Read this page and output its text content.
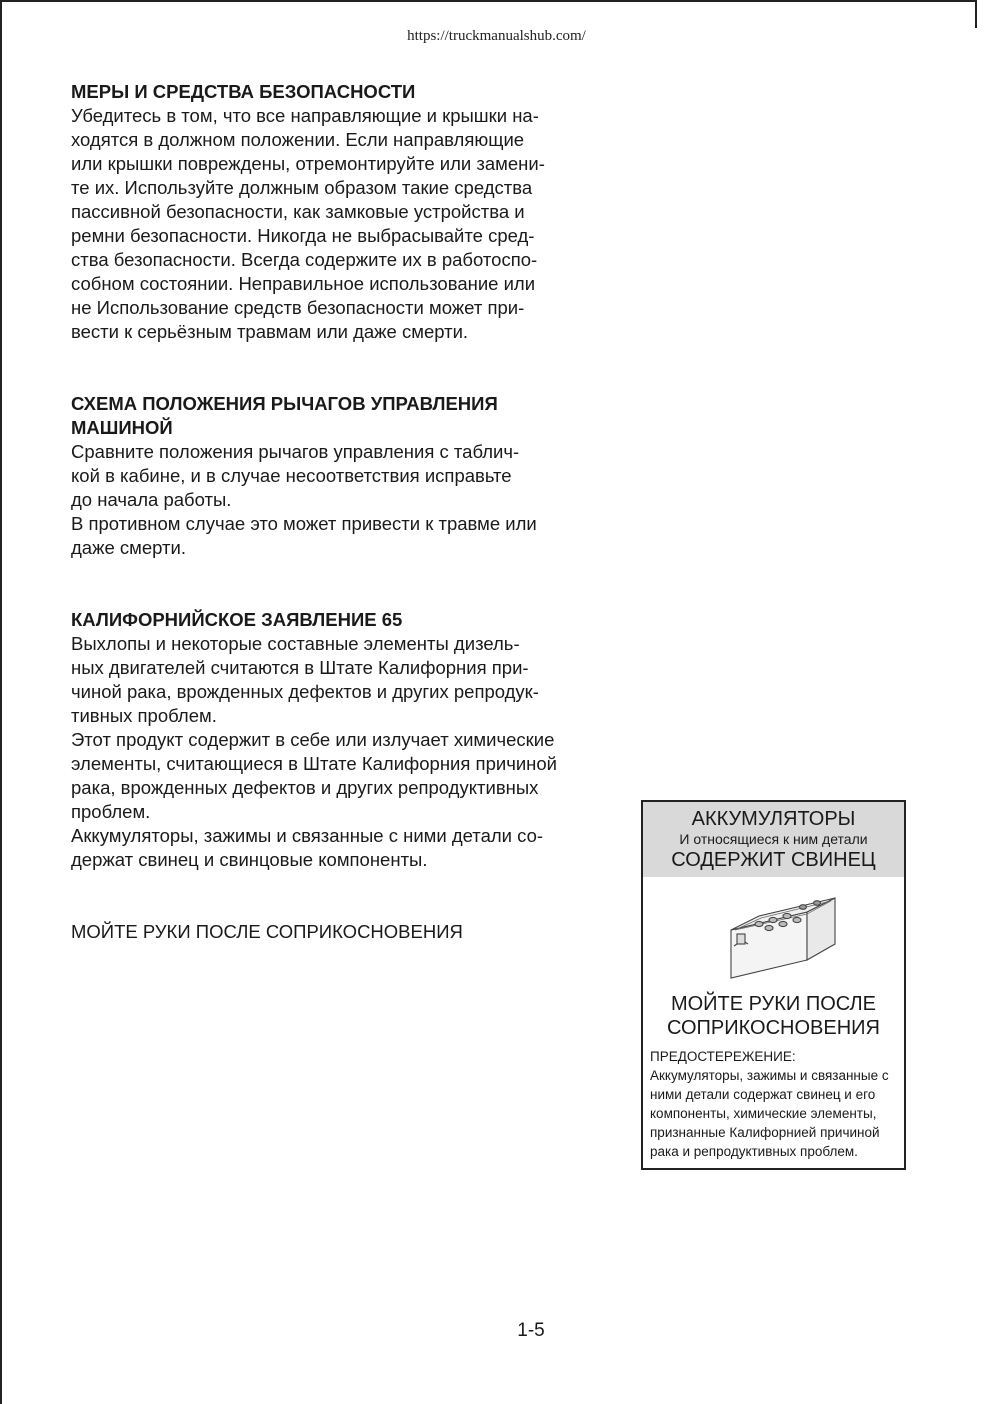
https://truckmanualshub.com/
МЕРЫ И СРЕДСТВА БЕЗОПАСНОСТИ
Убедитесь в том, что все направляющие и крышки на-
ходятся в должном положении. Если направляющие
или крышки повреждены, отремонтируйте или замени-
те их. Используйте должным образом такие средства
пассивной безопасности, как замковые устройства и
ремни безопасности. Никогда не выбрасывайте сред-
ства безопасности. Всегда содержите их в работоспо-
собном состоянии. Неправильное использование или
не Использование средств безопасности может при-
вести к серьёзным травмам или даже смерти.
СХЕМА ПОЛОЖЕНИЯ РЫЧАГОВ УПРАВЛЕНИЯ
МАШИНОЙ
Сравните положения рычагов управления с таблич-
кой в кабине, и в случае несоответствия исправьте
до начала работы.
В противном случае это может привести к травме или
даже смерти.
КАЛИФОРНИЙСКОЕ ЗАЯВЛЕНИЕ 65
Выхлопы и некоторые составные элементы дизель-
ных двигателей считаются в Штате Калифорния при-
чиной рака, врожденных дефектов и других репродук-
тивных проблем.
Этот продукт содержит в себе или излучает химические
элементы, считающиеся в Штате Калифорния причиной
рака, врожденных дефектов и других репродуктивных
проблем.
Аккумуляторы, зажимы и связанные с ними детали со-
держат свинец и свинцовые компоненты.
МОЙТЕ РУКИ ПОСЛЕ СОПРИКОСНОВЕНИЯ
АККУМУЛЯТОРЫ
И относящиеся к ним детали
СОДЕРЖИТ СВИНЕЦ
МОЙТЕ РУКИ ПОСЛЕ
СОПРИКОСНОВЕНИЯ
ПРЕДОСТЕРЕЖЕНИЕ:
Аккумуляторы, зажимы и связанные с
ними детали содержат свинец и его
компоненты, химические элементы,
признанные Калифорнией причиной
рака и репродуктивных проблем.
1-5
